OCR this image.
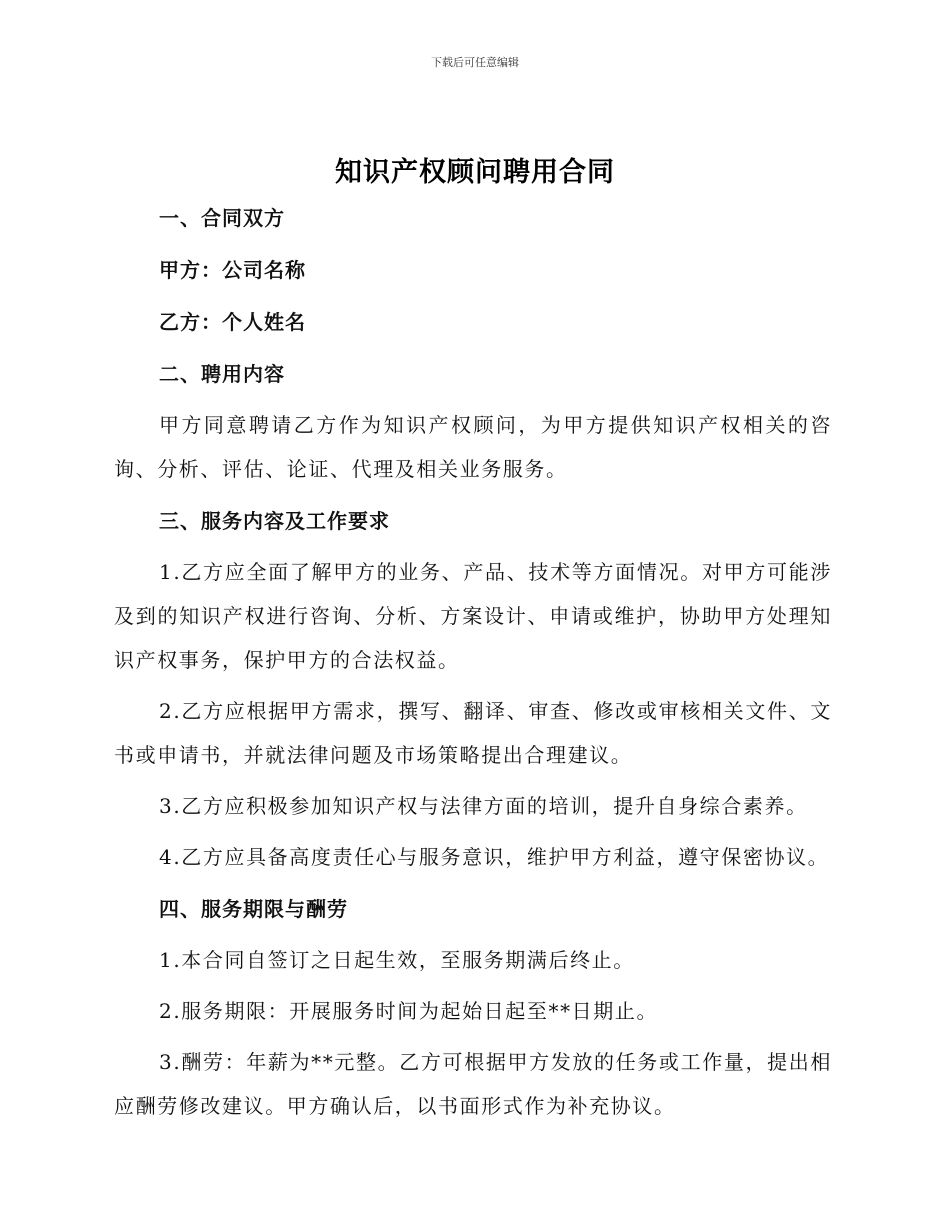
下载后可任意编辑
知识产权顾问聘用合同

一、合同双方

甲方：公司名称

乙方：个人姓名

二、聘用内容

甲方同意聘请乙方作为知识产权顾问，为甲方提供知识产权相关的咨询、分析、评估、论证、代理及相关业务服务。

三、服务内容及工作要求

1.乙方应全面了解甲方的业务、产品、技术等方面情况。对甲方可能涉及到的知识产权进行咨询、分析、方案设计、申请或维护，协助甲方处理知识产权事务，保护甲方的合法权益。

2.乙方应根据甲方需求，撰写、翻译、审查、修改或审核相关文件、文书或申请书，并就法律问题及市场策略提出合理建议。

3.乙方应积极参加知识产权与法律方面的培训，提升自身综合素养。

4.乙方应具备高度责任心与服务意识，维护甲方利益，遵守保密协议。

四、服务期限与酬劳

1.本合同自签订之日起生效，至服务期满后终止。

2.服务期限：开展服务时间为起始日起至**日期止。

3.酬劳：年薪为**元整。乙方可根据甲方发放的任务或工作量，提出相应酬劳修改建议。甲方确认后，以书面形式作为补充协议。
